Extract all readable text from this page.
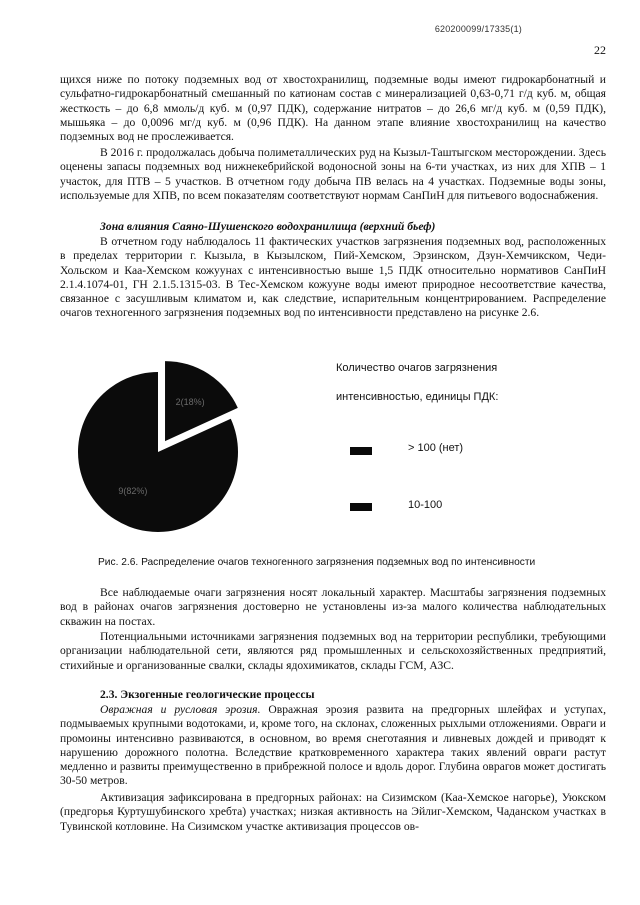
620200099/17335(1)
22

щихся ниже по потоку подземных вод от хвостохранилищ, подземные воды имеют гидрокарбонатный и сульфатно-гидрокарбонатный смешанный по катионам состав с минерализацией 0,63-0,71 г/д куб. м, общая жесткость – до 6,8 ммоль/д куб. м (0,97 ПДК), содержание нитратов – до 26,6 мг/д куб. м (0,59 ПДК), мышьяка – до 0,0096 мг/д куб. м (0,96 ПДК). На данном этапе влияние хвостохранилищ на качество подземных вод не прослеживается.

В 2016 г. продолжалась добыча полиметаллических руд на Кызыл-Таштыгском месторождении. Здесь оценены запасы подземных вод нижнекебрийской водоносной зоны на 6-ти участках, из них для ХПВ – 1 участок, для ПТВ – 5 участков. В отчетном году добыча ПВ велась на 4 участках. Подземные воды зоны, используемые для ХПВ, по всем показателям соответствуют нормам СанПиН для питьевого водоснабжения.

Зона влияния Саяно-Шушенского водохранилища (верхний бьеф)

В отчетном году наблюдалось 11 фактических участков загрязнения подземных вод, расположенных в пределах территории г. Кызыла, в Кызылском, Пий-Хемском, Эрзинском, Дзун-Хемчикском, Чеди-Хольском и Каа-Хемском кожуунах с интенсивностью выше 1,5 ПДК относительно нормативов СанПиН 2.1.4.1074-01, ГН 2.1.5.1315-03. В Тес-Хемском кожууне воды имеют природное несоответствие качества, связанное с засушливым климатом и, как следствие, испарительным концентрированием. Распределение очагов техногенного загрязнения подземных вод по интенсивности представлено на рисунке 2.6.

2(18%)
9(82%)
Количество очагов загрязнения
интенсивностью, единицы ПДК:
> 100 (нет)
10-100
Рис. 2.6. Распределение очагов техногенного загрязнения подземных вод по интенсивности

Все наблюдаемые очаги загрязнения носят локальный характер. Масштабы загрязнения подземных вод в районах очагов загрязнения достоверно не установлены из-за малого количества наблюдательных скважин на постах.

Потенциальными источниками загрязнения подземных вод на территории республики, требующими организации наблюдательной сети, являются ряд промышленных и сельскохозяйственных предприятий, стихийные и организованные свалки, склады ядохимикатов, склады ГСМ, АЗС.

2.3. Экзогенные геологические процессы

Овражная и русловая эрозия. Овражная эрозия развита на предгорных шлейфах и уступах, подмываемых крупными водотоками, и, кроме того, на склонах, сложенных рыхлыми отложениями. Овраги и промоины интенсивно развиваются, в основном, во время снеготаяния и ливневых дождей и приводят к нарушению дорожного полотна. Вследствие кратковременного характера таких явлений овраги растут медленно и развиты преимущественно в прибрежной полосе и вдоль дорог. Глубина оврагов может достигать 30-50 метров.

Активизация зафиксирована в предгорных районах: на Сизимском (Каа-Хемское нагорье), Уюкском (предгорья Куртушубинского хребта) участках; низкая активность на Эйлиг-Хемском, Чаданском участках в Тувинской котловине. На Сизимском участке активизация процессов ов-
